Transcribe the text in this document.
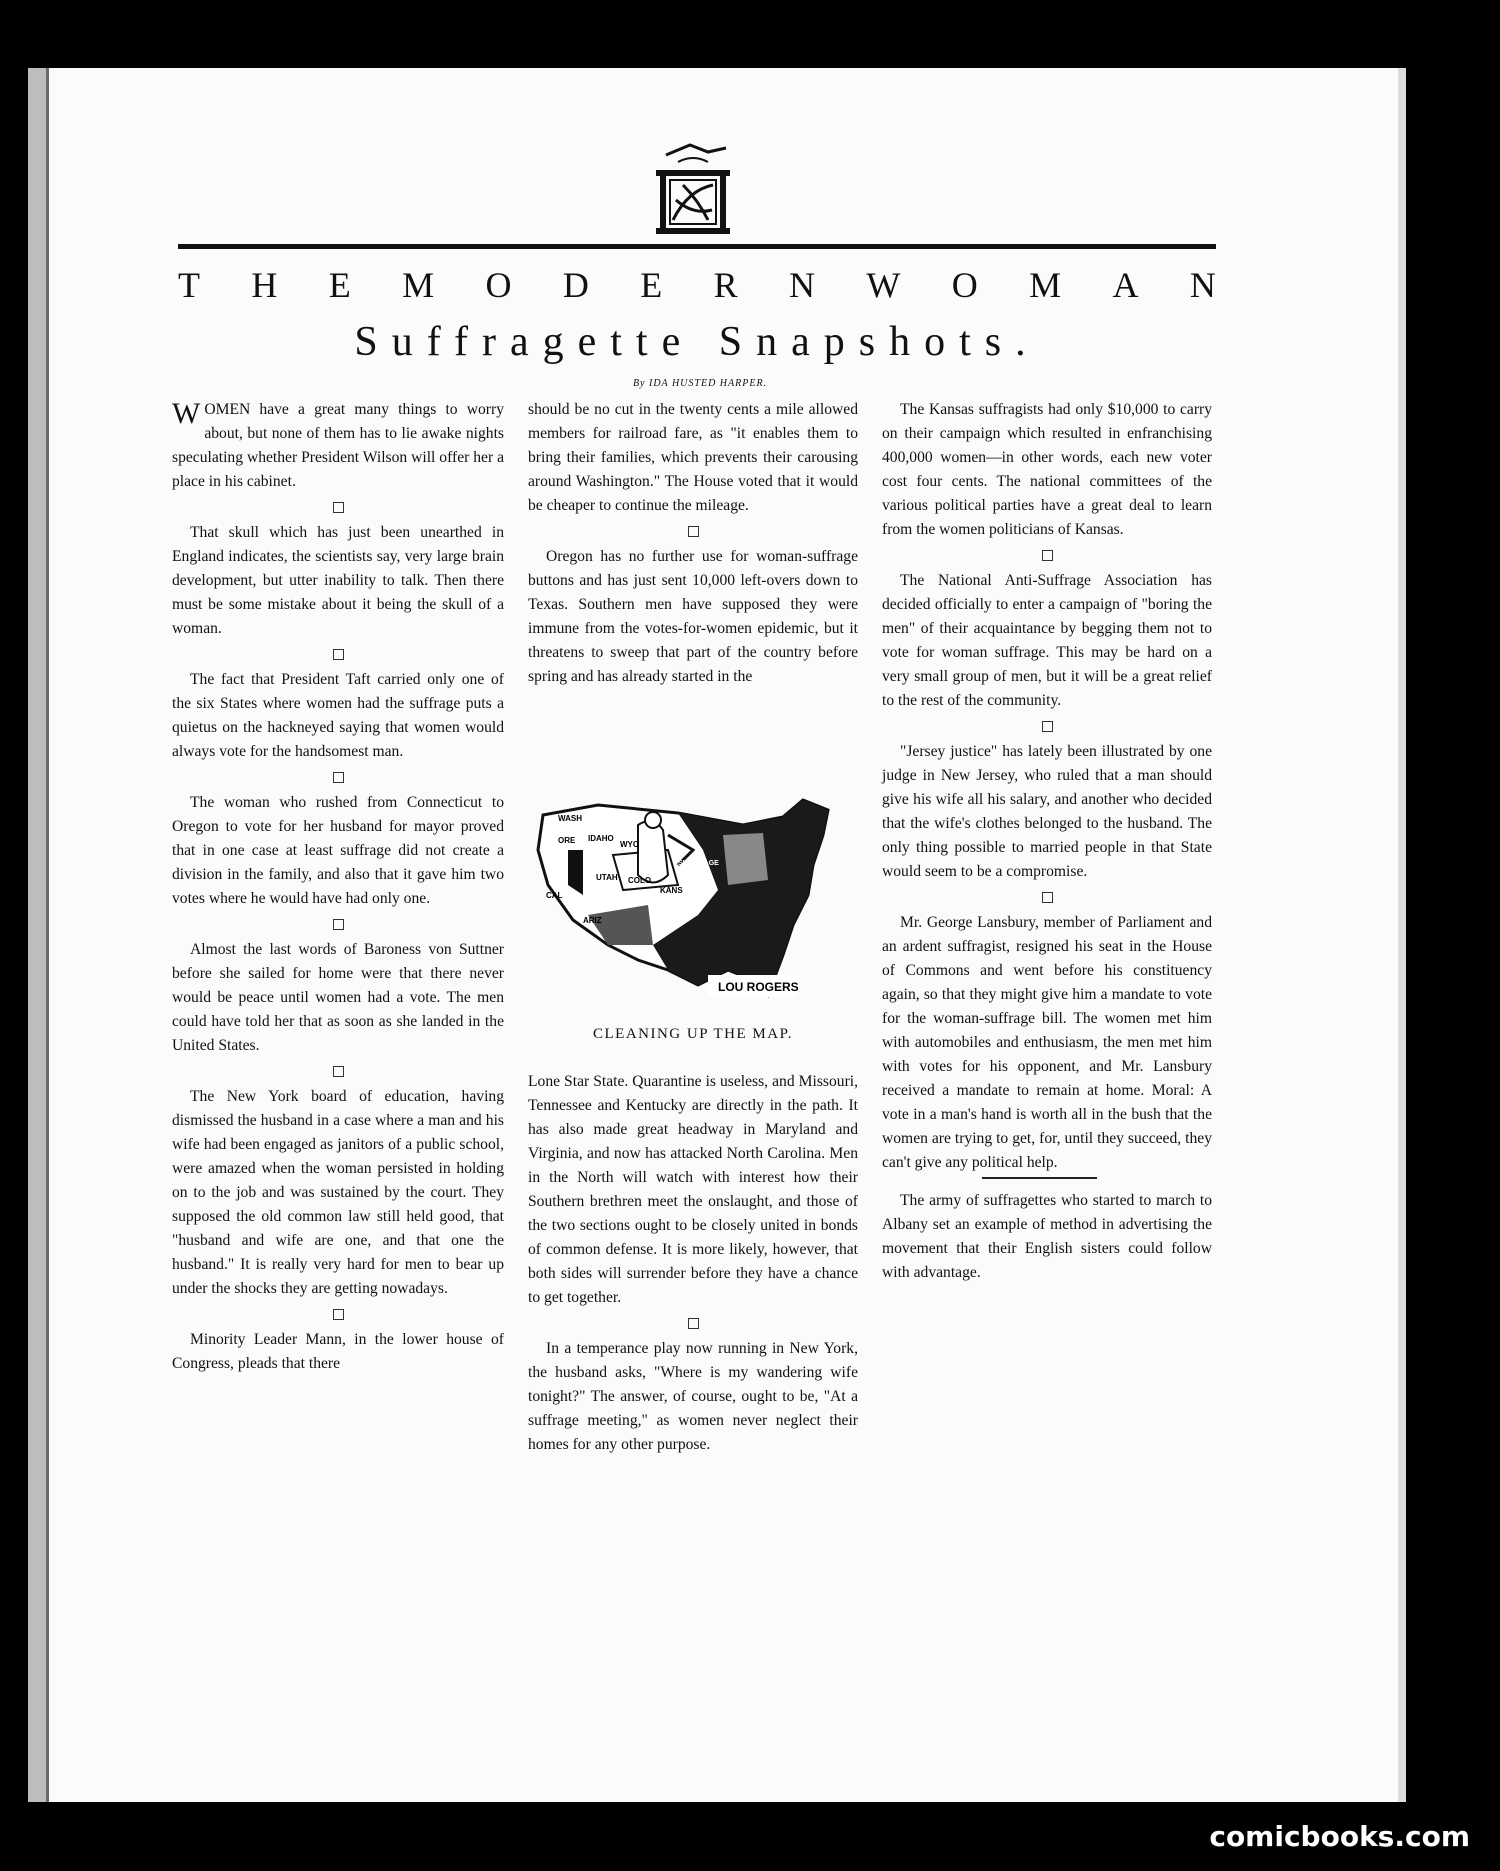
T H E M O D E R N W O M A N
Suffragette Snapshots.
By IDA HUSTED HARPER.

WOMEN have a great many things to worry about, but none of them has to lie awake nights speculating whether President Wilson will offer her a place in his cabinet.

That skull which has just been unearthed in England indicates, the scientists say, very large brain development, but utter inability to talk. Then there must be some mistake about it being the skull of a woman.

The fact that President Taft carried only one of the six States where women had the suffrage puts a quietus on the hackneyed saying that women would always vote for the handsomest man.

The woman who rushed from Connecticut to Oregon to vote for her husband for mayor proved that in one case at least suffrage did not create a division in the family, and also that it gave him two votes where he would have had only one.

Almost the last words of Baroness von Suttner before she sailed for home were that there never would be peace until women had a vote. The men could have told her that as soon as she landed in the United States.

The New York board of education, having dismissed the husband in a case where a man and his wife had been engaged as janitors of a public school, were amazed when the woman persisted in holding on to the job and was sustained by the court. They supposed the old common law still held good, that "husband and wife are one, and that one the husband." It is really very hard for men to bear up under the shocks they are getting nowadays.

Minority Leader Mann, in the lower house of Congress, pleads that there

should be no cut in the twenty cents a mile allowed members for railroad fare, as "it enables them to bring their families, which prevents their carousing around Washington." The House voted that it would be cheaper to continue the mileage.

Oregon has no further use for woman-suffrage buttons and has just sent 10,000 left-overs down to Texas. Southern men have supposed they were immune from the votes-for-women epidemic, but it threatens to sweep that part of the country before spring and has already started in the

WASH
ORE IDAHO
WYO
UTAH COLO
KANS
CAL
ARIZ
SUF-FRAGE
LOU ROGERS
CLEANING UP THE MAP.

Lone Star State. Quarantine is useless, and Missouri, Tennessee and Kentucky are directly in the path. It has also made great headway in Maryland and Virginia, and now has attacked North Carolina. Men in the North will watch with interest how their Southern brethren meet the onslaught, and those of the two sections ought to be closely united in bonds of common defense. It is more likely, however, that both sides will surrender before they have a chance to get together.

In a temperance play now running in New York, the husband asks, "Where is my wandering wife tonight?" The answer, of course, ought to be, "At a suffrage meeting," as women never neglect their homes for any other purpose.

The Kansas suffragists had only $10,000 to carry on their campaign which resulted in enfranchising 400,000 women—in other words, each new voter cost four cents. The national committees of the various political parties have a great deal to learn from the women politicians of Kansas.

The National Anti-Suffrage Association has decided officially to enter a campaign of "boring the men" of their acquaintance by begging them not to vote for woman suffrage. This may be hard on a very small group of men, but it will be a great relief to the rest of the community.

"Jersey justice" has lately been illustrated by one judge in New Jersey, who ruled that a man should give his wife all his salary, and another who decided that the wife's clothes belonged to the husband. The only thing possible to married people in that State would seem to be a compromise.

Mr. George Lansbury, member of Parliament and an ardent suffragist, resigned his seat in the House of Commons and went before his constituency again, so that they might give him a mandate to vote for the woman-suffrage bill. The women met him with automobiles and enthusiasm, the men met him with votes for his opponent, and Mr. Lansbury received a mandate to remain at home. Moral: A vote in a man's hand is worth all in the bush that the women are trying to get, for, until they succeed, they can't give any political help.

The army of suffragettes who started to march to Albany set an example of method in advertising the movement that their English sisters could follow with advantage.

comicbooks.com
